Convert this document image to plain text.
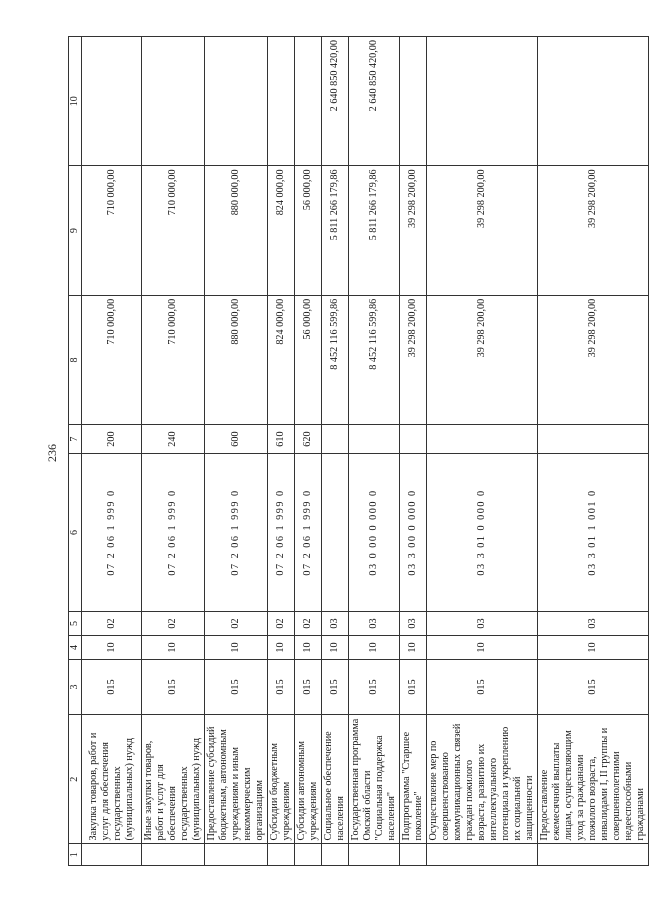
236
1	2	3	4	5	6	7	8	9	10
	Закупка товаров, работ и услуг для обеспечения государственных (муниципальных) нужд	015	10	02	07 2 06 1 999 0	200	710 000,00	710 000,00	
	Иные закупки товаров, работ и услуг для обеспечения государственных (муниципальных) нужд	015	10	02	07 2 06 1 999 0	240	710 000,00	710 000,00	
	Предоставление субсидий бюджетным, автономным учреждениям и иным некоммерческим организациям	015	10	02	07 2 06 1 999 0	600	880 000,00	880 000,00	
	Субсидии бюджетным учреждениям	015	10	02	07 2 06 1 999 0	610	824 000,00	824 000,00	
	Субсидии автономным учреждениям	015	10	02	07 2 06 1 999 0	620	56 000,00	56 000,00	
	Социальное обеспечение населения	015	10	03			8 452 116 599,86	5 811 266 179,86	2 640 850 420,00
	Государственная программа Омской области "Социальная поддержка населения"	015	10	03	03 0 00 0 000 0		8 452 116 599,86	5 811 266 179,86	2 640 850 420,00
	Подпрограмма "Старшее поколение"	015	10	03	03 3 00 0 000 0		39 298 200,00	39 298 200,00	
	Осуществление мер по совершенствованию коммуникационных связей граждан пожилого возраста, развитию их интеллектуального потенциала и укреплению их социальной защищенности	015	10	03	03 3 01 0 000 0		39 298 200,00	39 298 200,00	
	Предоставление ежемесячной выплаты лицам, осуществляющим уход за гражданами пожилого возраста, инвалидами I, II группы и совершеннолетними недееспособными гражданами	015	10	03	03 3 01 1 001 0		39 298 200,00	39 298 200,00	
